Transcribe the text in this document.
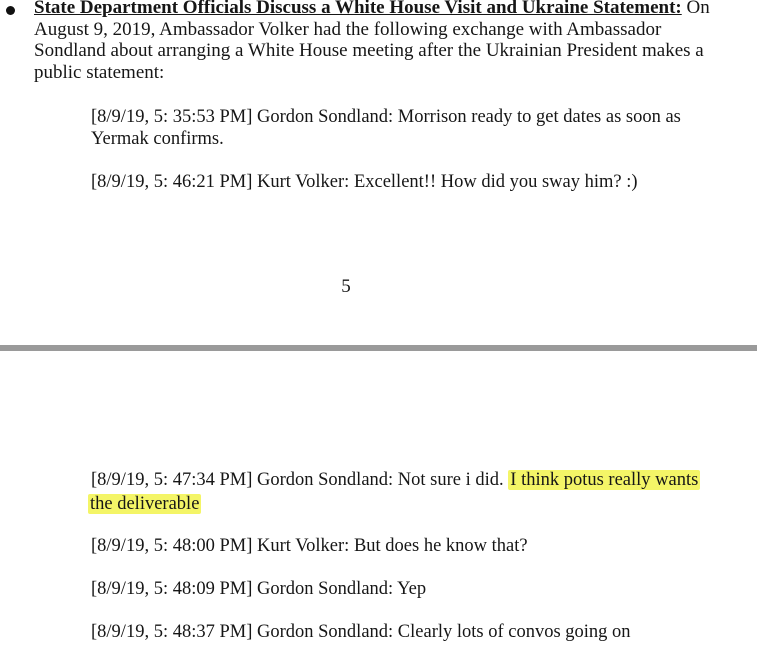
State Department Officials Discuss a White House Visit and Ukraine Statement: On August 9, 2019, Ambassador Volker had the following exchange with Ambassador Sondland about arranging a White House meeting after the Ukrainian President makes a public statement:
[8/9/19, 5: 35:53 PM] Gordon Sondland: Morrison ready to get dates as soon as Yermak confirms.
[8/9/19, 5: 46:21 PM] Kurt Volker: Excellent!! How did you sway him? :)
5
[8/9/19, 5: 47:34 PM] Gordon Sondland: Not sure i did. I think potus really wants
the deliverable
[8/9/19, 5: 48:00 PM] Kurt Volker: But does he know that?
[8/9/19, 5: 48:09 PM] Gordon Sondland: Yep
[8/9/19, 5: 48:37 PM] Gordon Sondland: Clearly lots of convos going on
